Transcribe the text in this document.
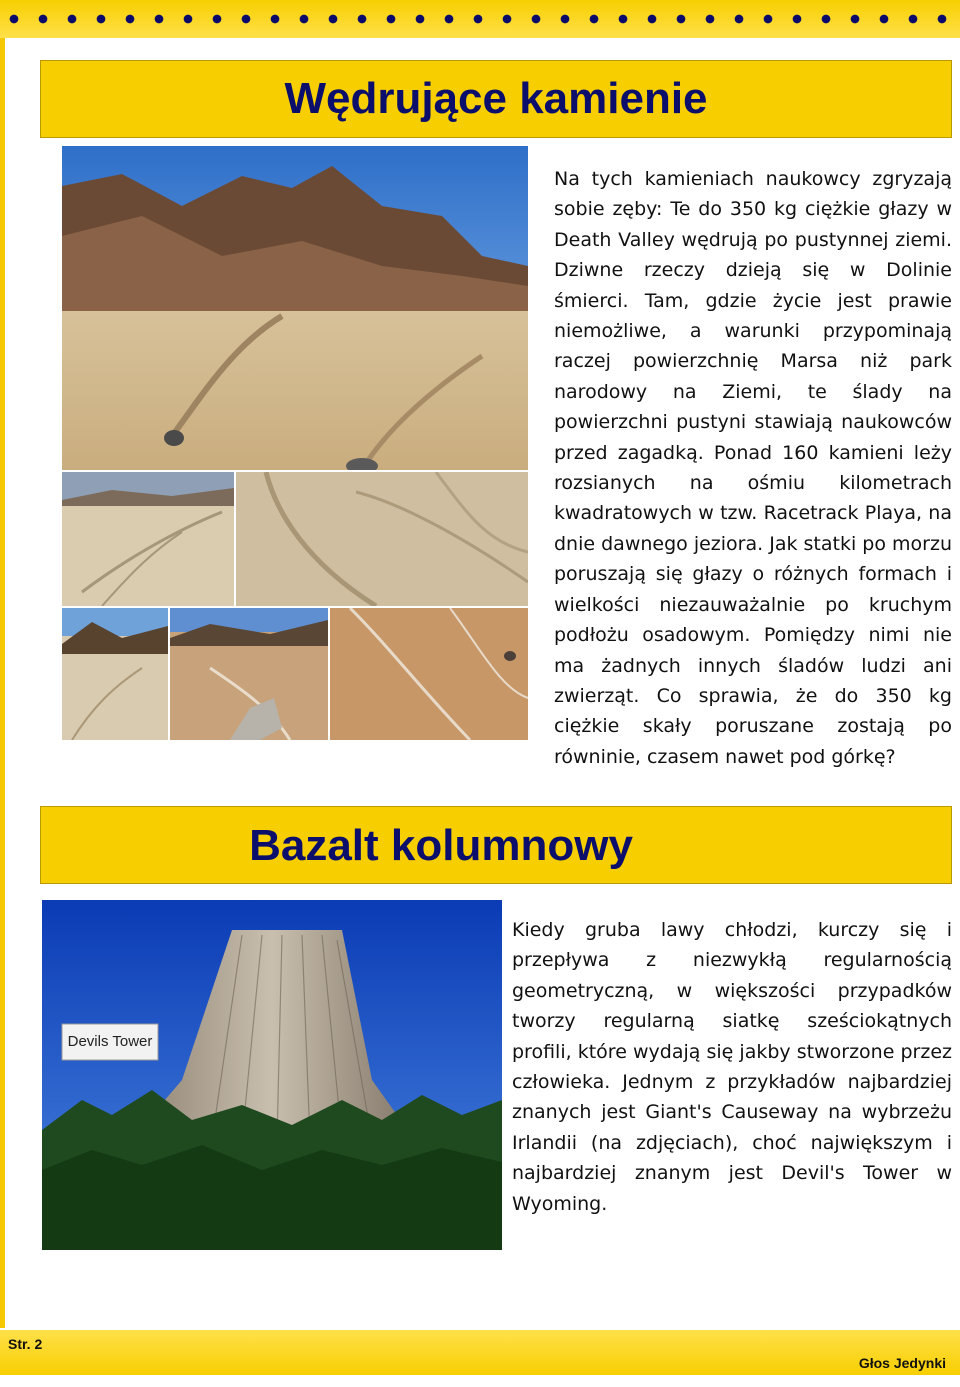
Wędrujące kamienie

Na tych kamieniach naukowcy zgryzają sobie zęby: Te do 350 kg ciężkie głazy w Death Valley wędrują po pustynnej ziemi. Dziwne rzeczy dzieją się w Dolinie śmierci. Tam, gdzie życie jest prawie niemożliwe, a warunki przypominają raczej powierzchnię Marsa niż park narodowy na Ziemi, te ślady na powierzchni pustyni stawiają naukowców przed zagadką. Ponad 160 kamieni leży rozsianych na ośmiu kilometrach kwadratowych w tzw. Racetrack Playa, na dnie dawnego jeziora. Jak statki po morzu poruszają się głazy o różnych formach i wielkości niezauważalnie po kruchym podłożu osadowym. Pomiędzy nimi nie ma żadnych innych śladów ludzi ani zwierząt. Co sprawia, że do 350 kg ciężkie skały poruszane zostają po równinie, czasem nawet pod górkę?

Bazalt kolumnowy
Devils Tower

Kiedy gruba lawy chłodzi, kurczy się i przepływa z niezwykłą regularnością geometryczną, w większości przypadków tworzy regularną siatkę sześciokątnych profili, które wydają się jakby stworzone przez człowieka. Jednym z przykładów najbardziej znanych jest Giant's Causeway na wybrzeżu Irlandii (na zdjęciach), choć największym i najbardziej znanym jest Devil's Tower w Wyoming.

Str. 2
Głos Jedynki
